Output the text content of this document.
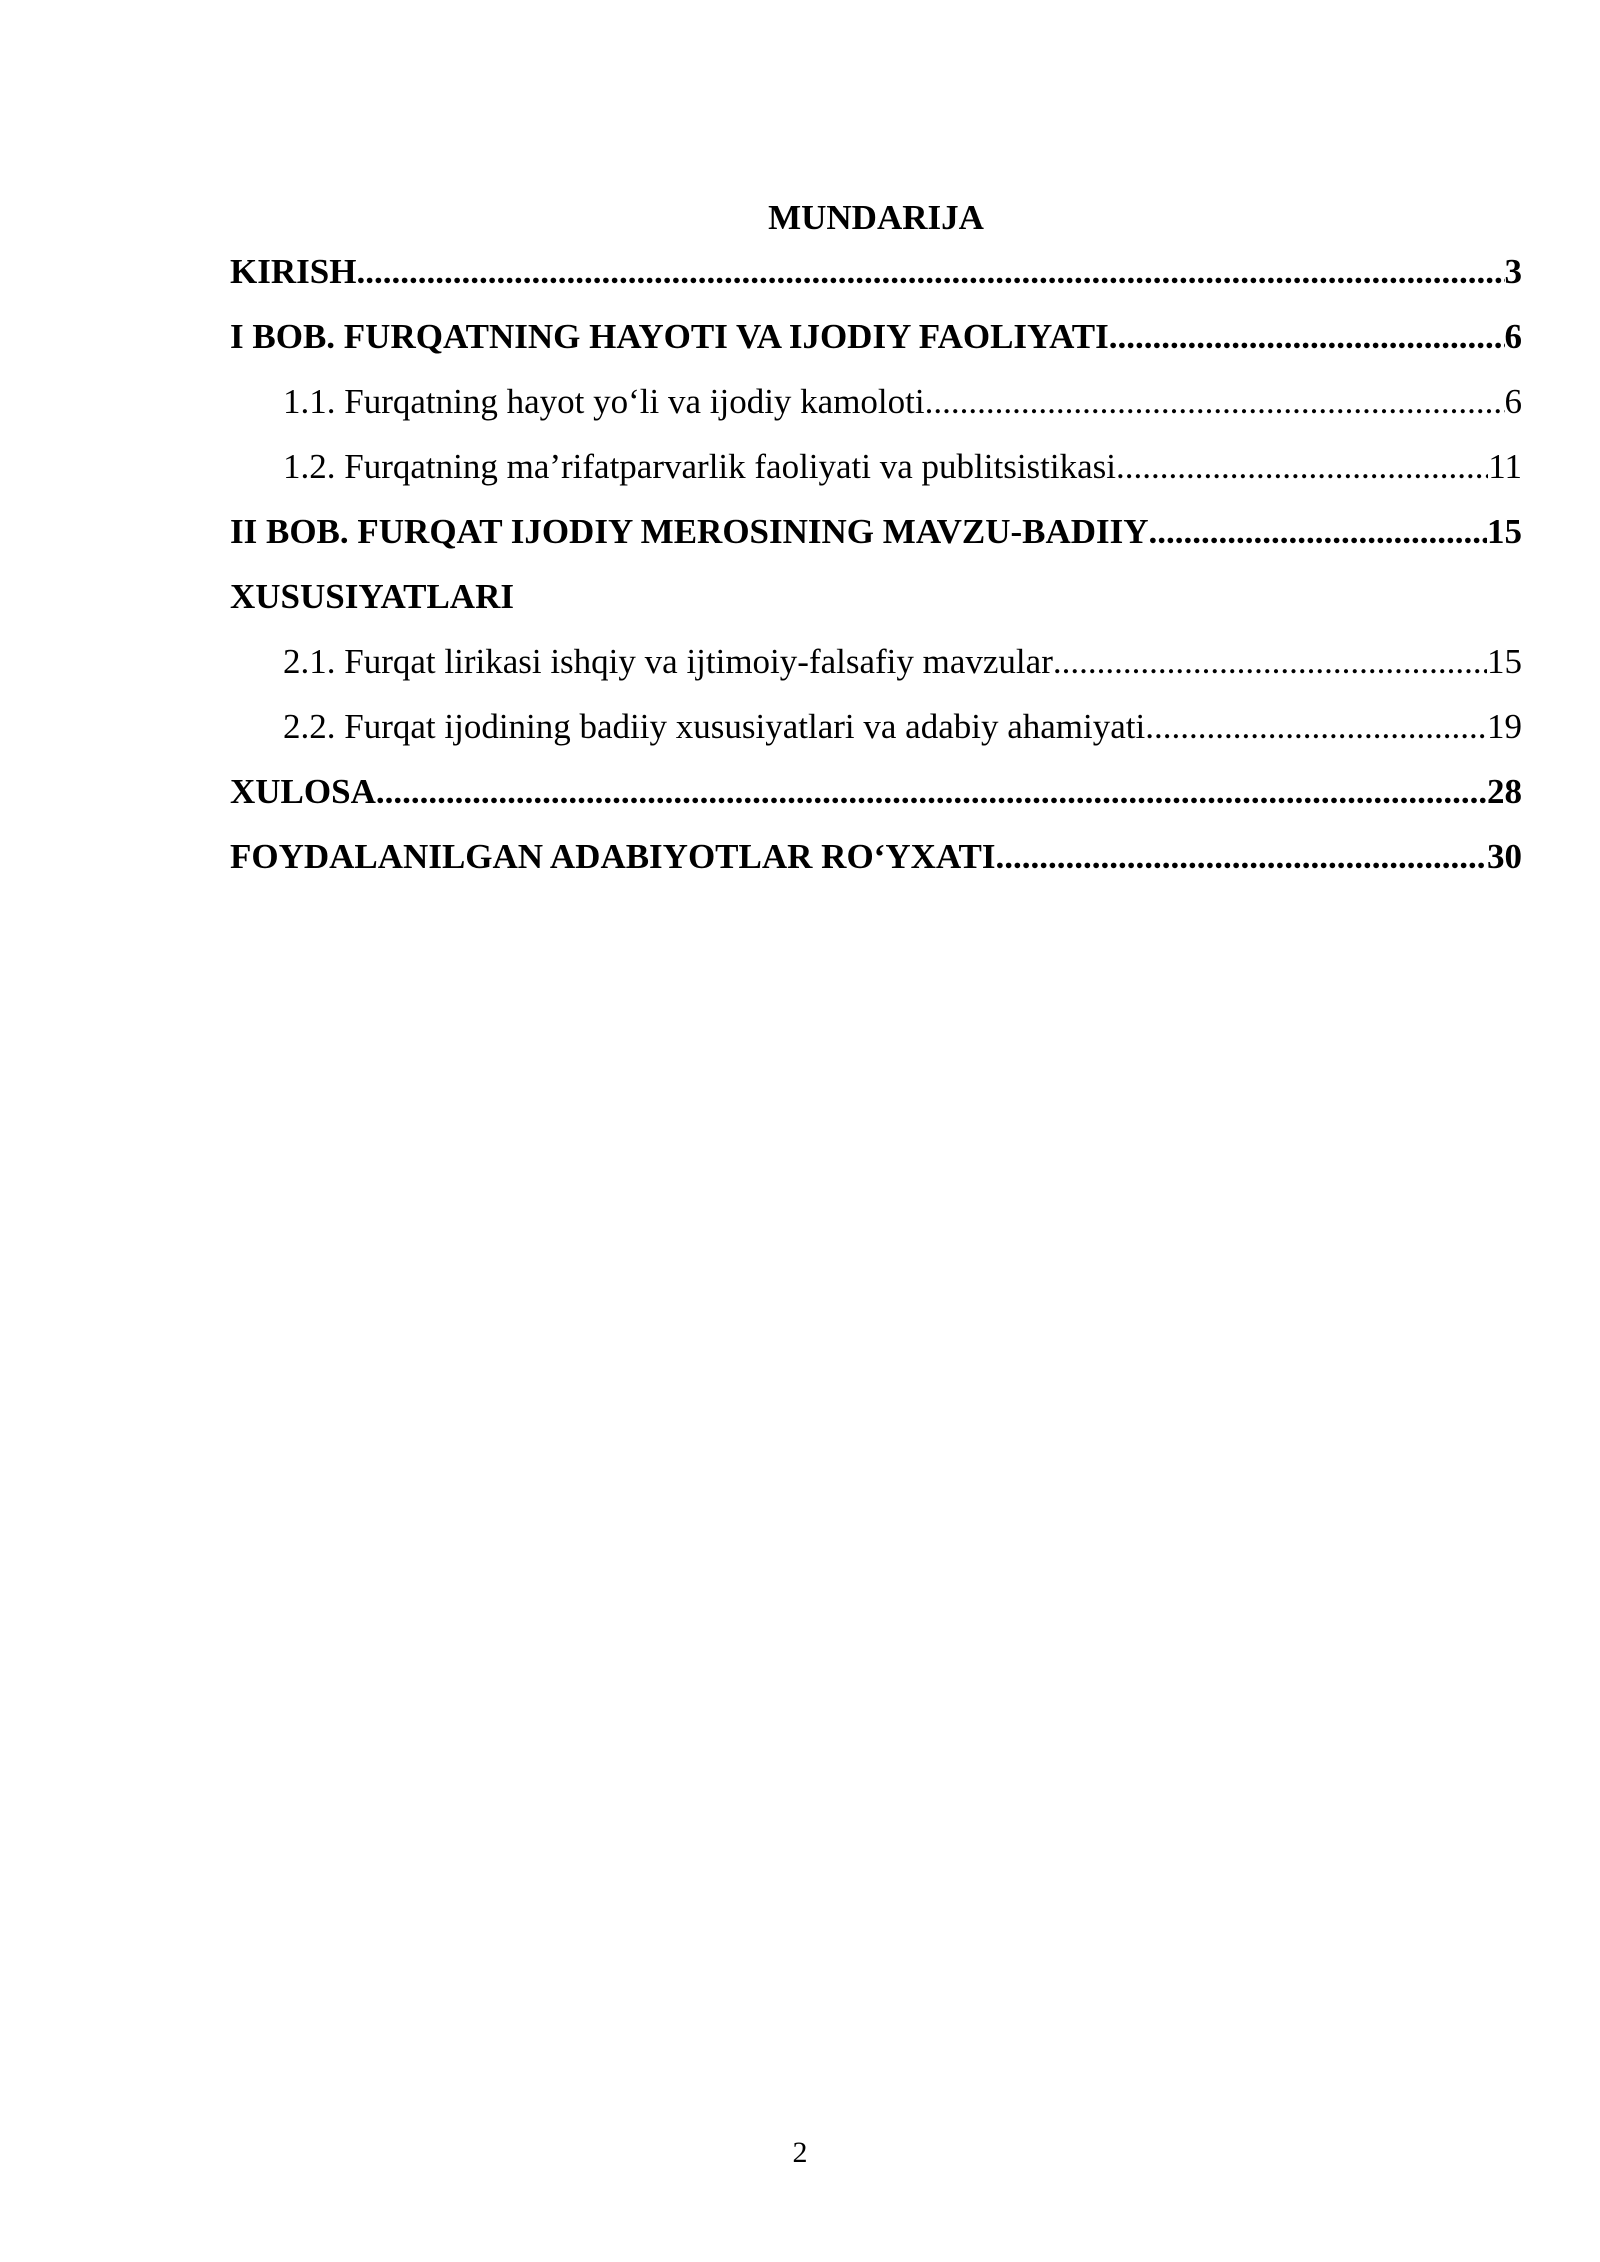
MUNDARIJA
KIRISH .....	3
I BOB. FURQATNING HAYOTI VA IJODIY FAOLIYATI .....	6
1.1. Furqatning hayot yo‘li va ijodiy kamoloti .....	6
1.2. Furqatning ma’rifatparvarlik faoliyati va publitsistikasi .....	11
II BOB. FURQAT IJODIY MEROSINING MAVZU-BADIIY .....	15
XUSUSIYATLARI
2.1. Furqat lirikasi ishqiy va ijtimoiy-falsafiy mavzular .....	15
2.2. Furqat ijodining badiiy xususiyatlari va adabiy ahamiyati .....	19
XULOSA .....	28
FOYDALANILGAN ADABIYOTLAR RO‘YXATI .....	30
2
